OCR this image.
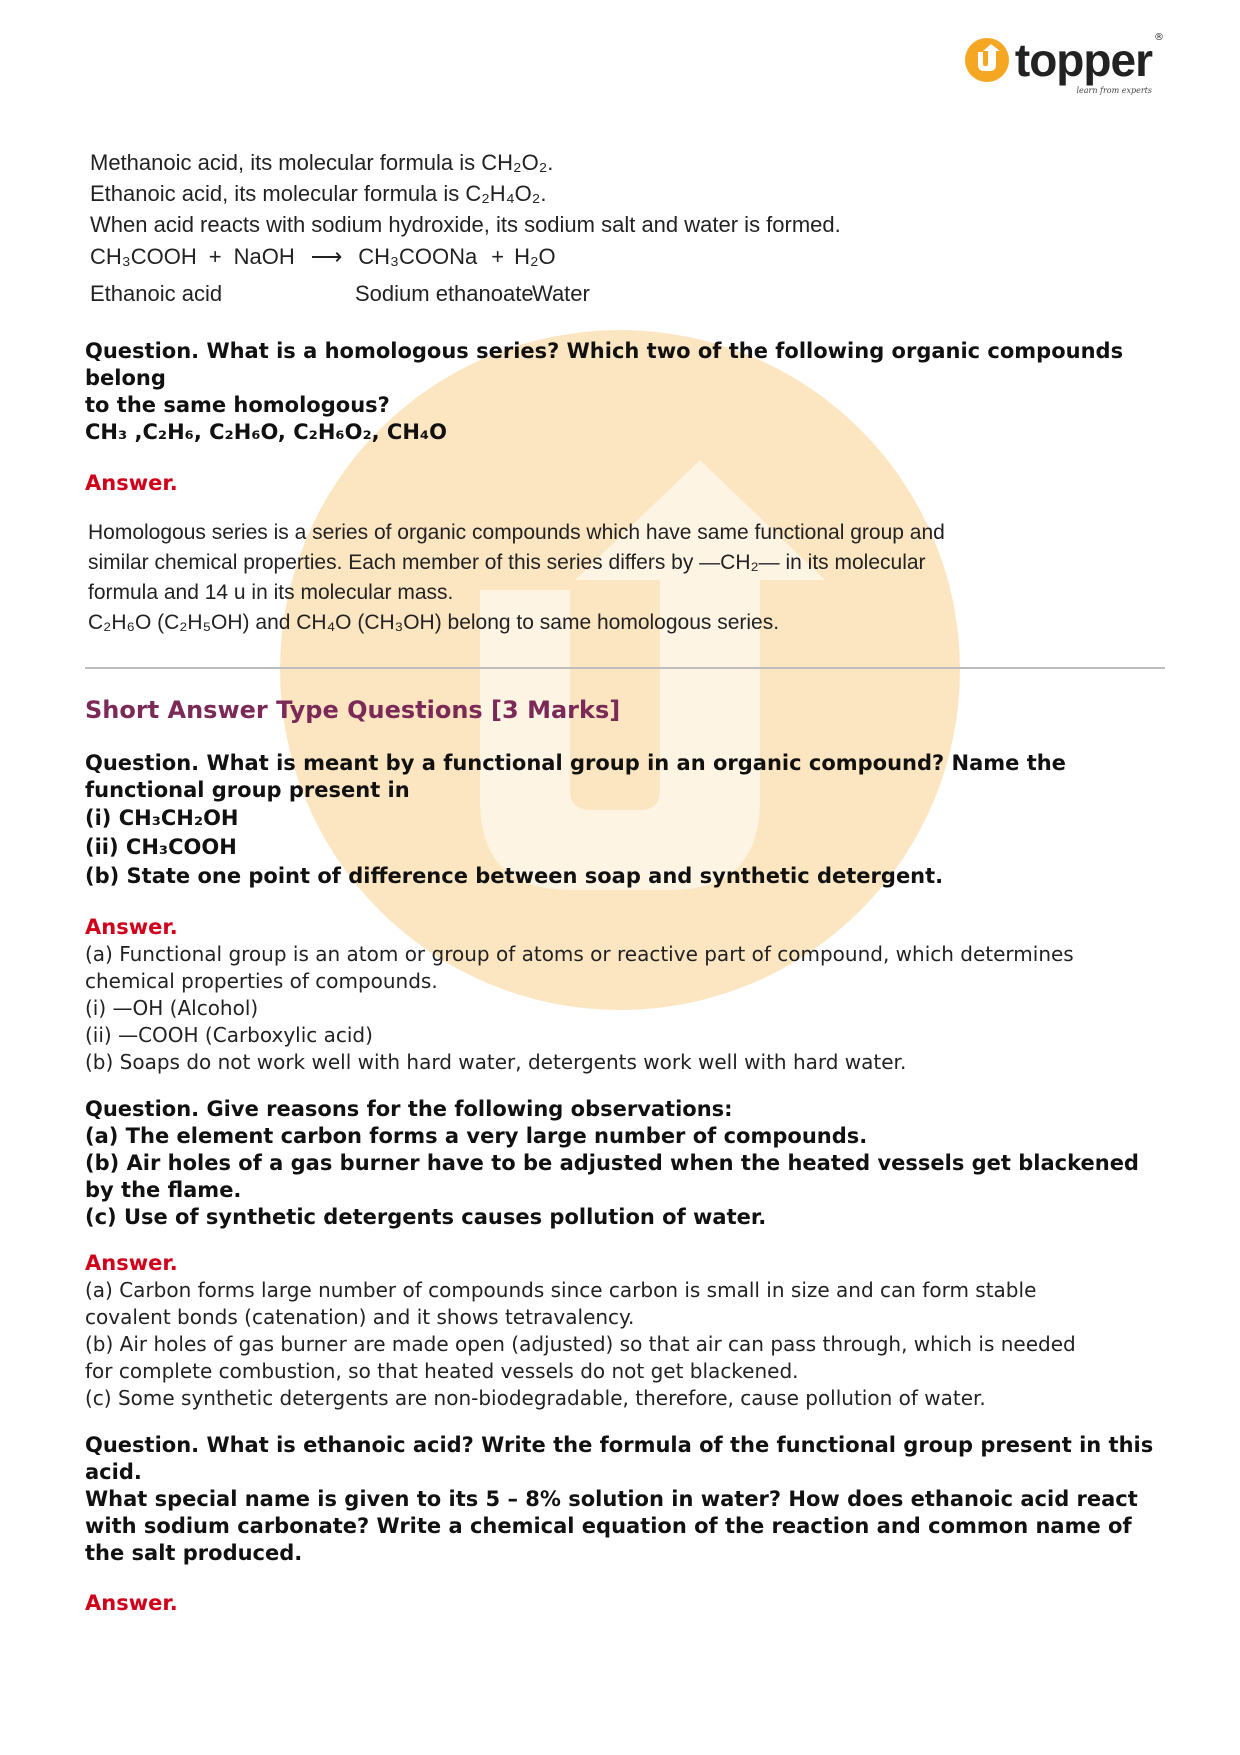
topper
learn from experts
®
Methanoic acid, its molecular formula is CH₂O₂.
Ethanoic acid, its molecular formula is C₂H₄O₂.
When acid reacts with sodium hydroxide, its sodium salt and water is formed.
CH₃COOH + NaOH ⟶ CH₃COONa + H₂O
Ethanoic acid	Sodium ethanoate
Water

Question. What is a homologous series? Which two of the following organic compounds belong

to the same homologous?

CH₃ ,C₂H₆, C₂H₆O, C₂H₆O₂, CH₄O

Answer.

Homologous series is a series of organic compounds which have same functional group and
similar chemical properties. Each member of this series differs by —CH₂— in its molecular
formula and 14 u in its molecular mass.
C₂H₆O (C₂H₅OH) and CH₄O (CH₃OH) belong to same homologous series.

Short Answer Type Questions [3 Marks]

Question. What is meant by a functional group in an organic compound? Name the

functional group present in

(i) CH₃CH₂OH

(ii) CH₃COOH

(b) State one point of difference between soap and synthetic detergent.

Answer.

(a) Functional group is an atom or group of atoms or reactive part of compound, which determines

chemical properties of compounds.

(i) —OH (Alcohol)

(ii) —COOH (Carboxylic acid)

(b) Soaps do not work well with hard water, detergents work well with hard water.

Question. Give reasons for the following observations:

(a) The element carbon forms a very large number of compounds.

(b) Air holes of a gas burner have to be adjusted when the heated vessels get blackened

by the flame.

(c) Use of synthetic detergents causes pollution of water.

Answer.

(a) Carbon forms large number of compounds since carbon is small in size and can form stable

covalent bonds (catenation) and it shows tetravalency.

(b) Air holes of gas burner are made open (adjusted) so that air can pass through, which is needed

for complete combustion, so that heated vessels do not get blackened.

(c) Some synthetic detergents are non-biodegradable, therefore, cause pollution of water.

Question. What is ethanoic acid? Write the formula of the functional group present in this

acid.

What special name is given to its 5 – 8% solution in water? How does ethanoic acid react

with sodium carbonate? Write a chemical equation of the reaction and common name of

the salt produced.

Answer.
